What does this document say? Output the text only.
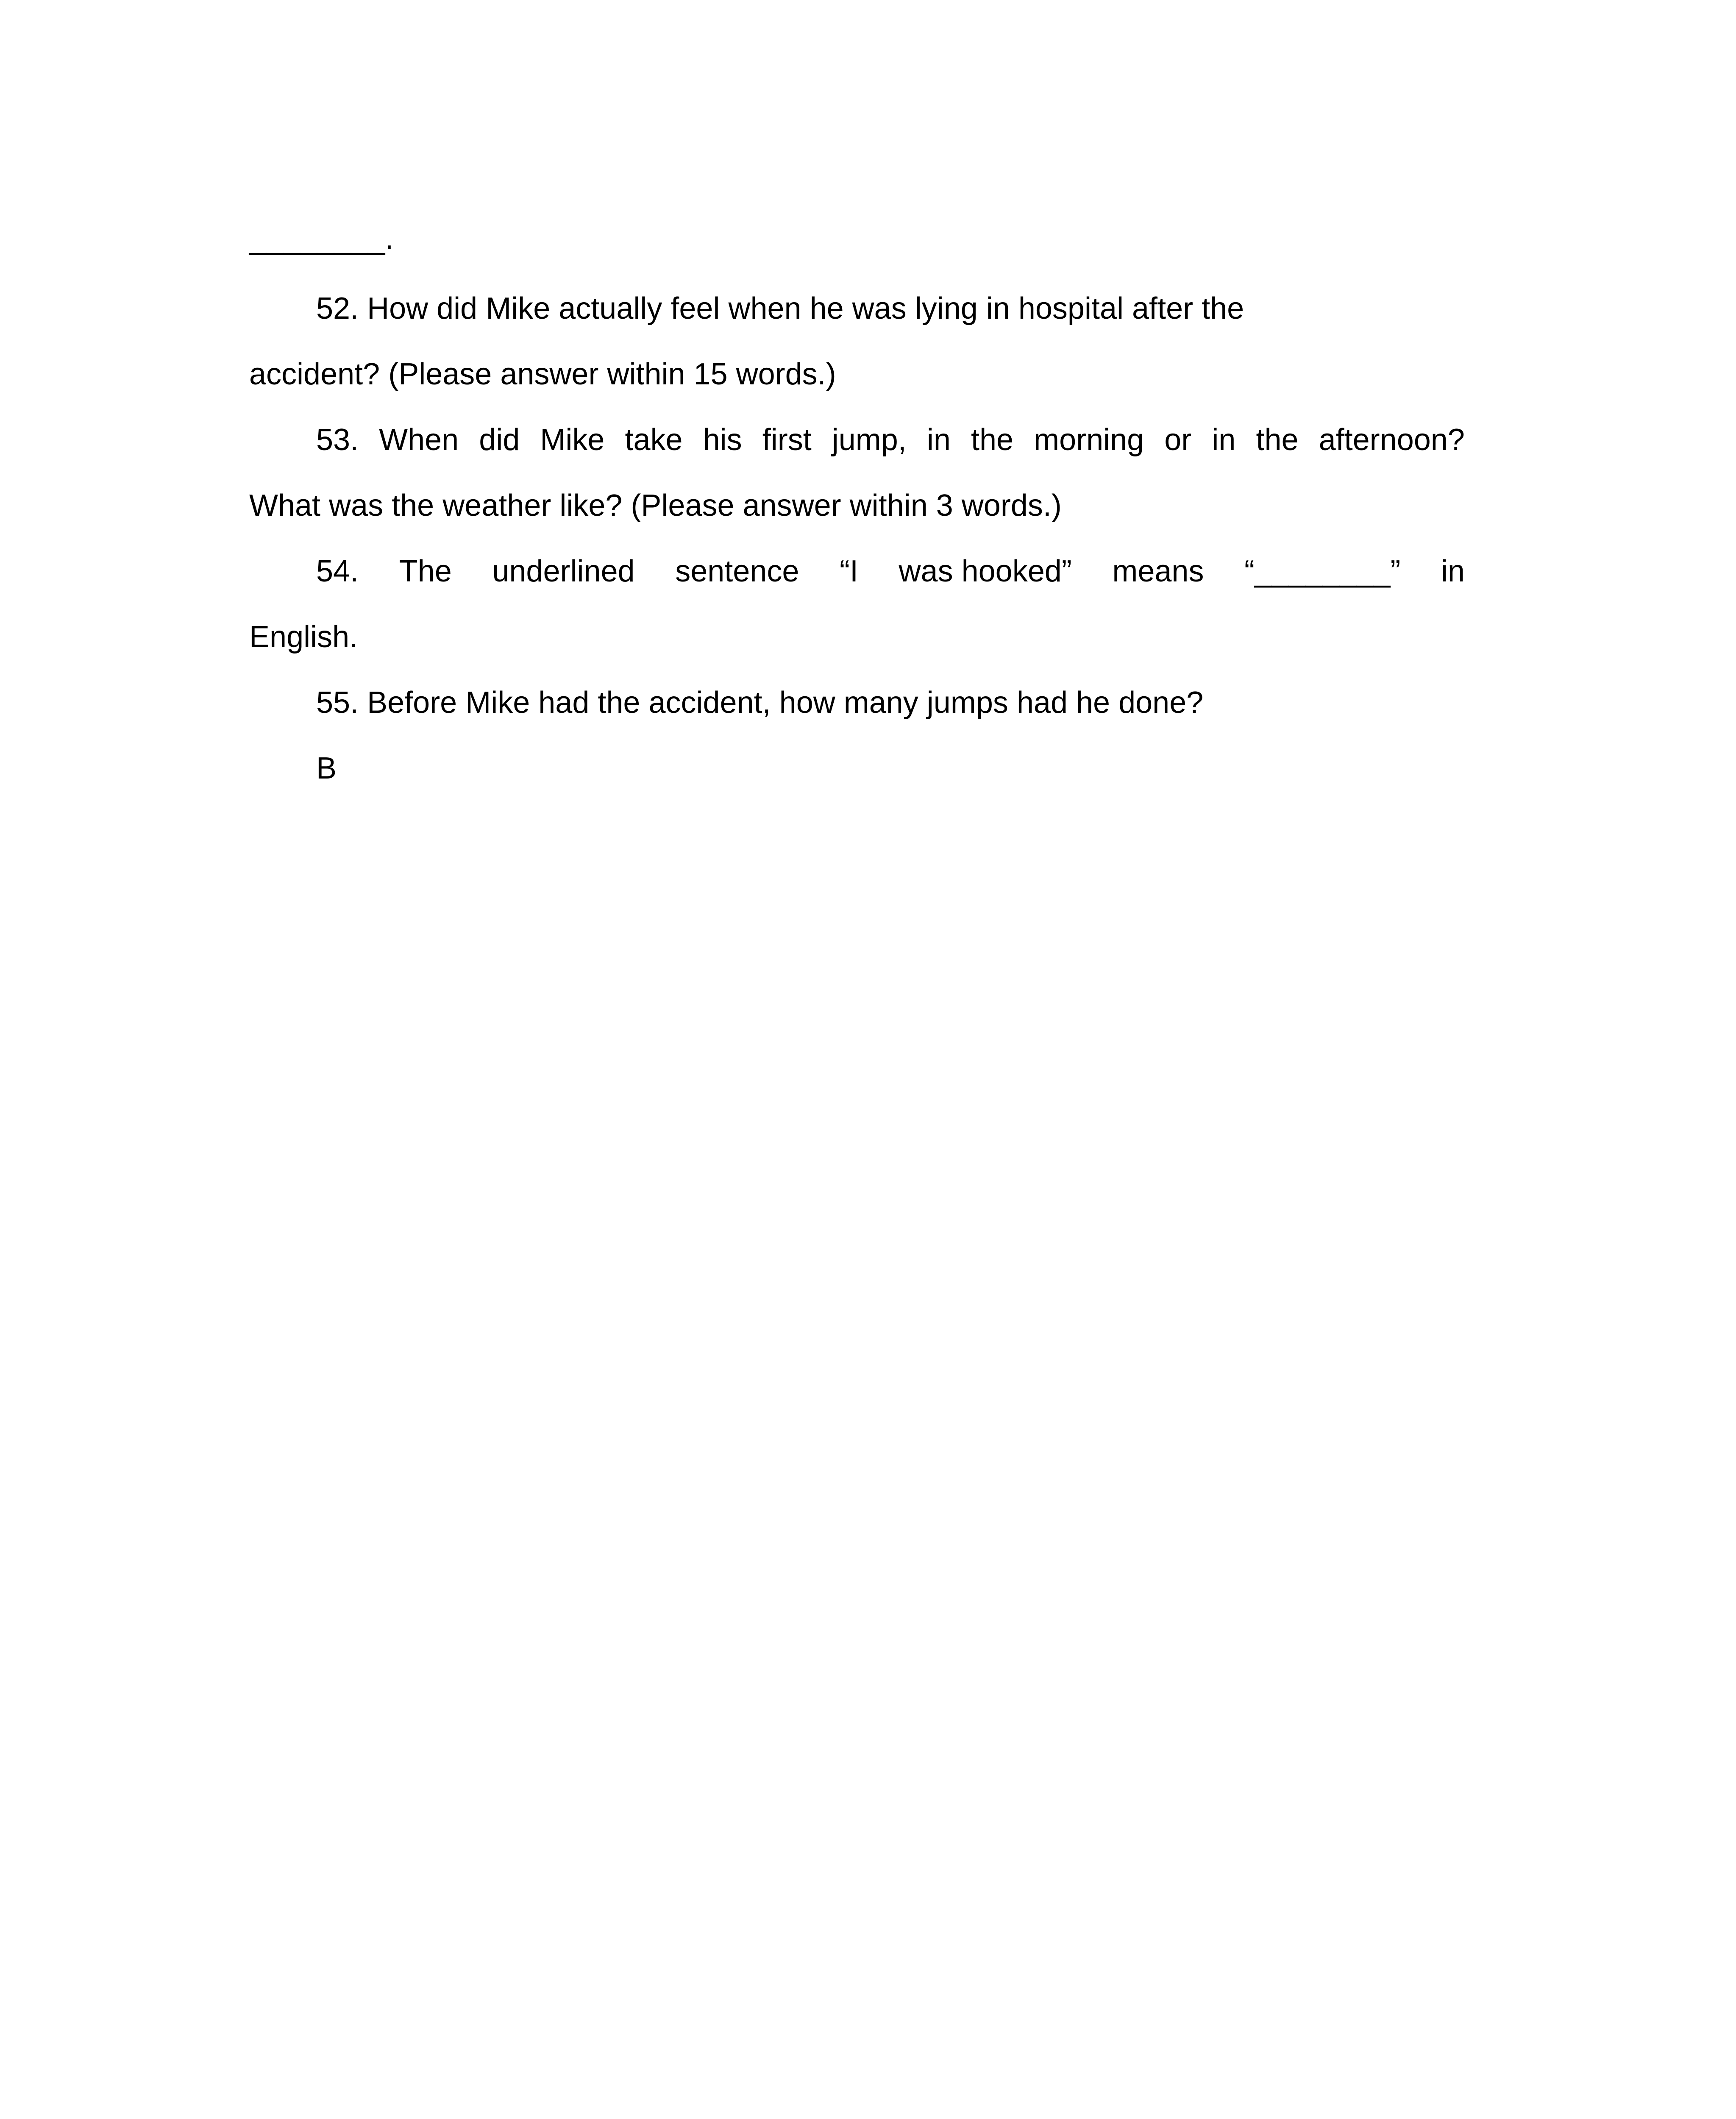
________.
52. How did Mike actually feel when he was lying in hospital after the
accident? (Please answer within 15 words.)
53. When did Mike take his first jump, in the morning or in the afternoon?
What was the weather like? (Please answer within 3 words.)
54. The underlined sentence “I was hooked” means “________” in
English.
55. Before Mike had the accident, how many jumps had he done?
B
